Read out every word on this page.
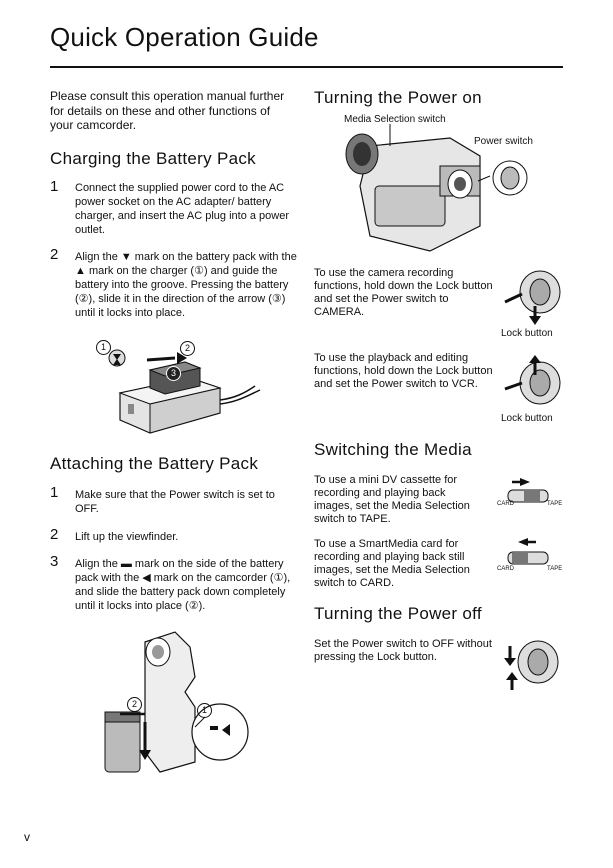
Quick Operation Guide
Please consult this operation manual further for details on these and other functions of your camcorder.
Charging the Battery Pack
1 Connect the supplied power cord to the AC power socket on the AC adapter/ battery charger, and insert the AC plug into a power outlet.
2 Align the ▼ mark on the battery pack with the ▲ mark on the charger (①) and guide the battery into the groove. Pressing the battery (②), slide it in the direction of the arrow (③) until it locks into place.
1	2
3
Attaching the Battery Pack
1 Make sure that the Power switch is set to OFF.
2 Lift up the viewfinder.
3 Align the ▬ mark on the side of the battery pack with the ◀ mark on the camcorder (①), and slide the battery pack down completely until it locks into place (②).
2
1
v
Turning the Power on
Media Selection switch
Power switch
To use the camera recording functions, hold down the Lock button and set the Power switch to CAMERA.
Lock button
To use the playback and editing functions, hold down the Lock button and set the Power switch to VCR.
Lock button
Switching the Media
To use a mini DV cassette for recording and playing back images, set the Media Selection switch to TAPE.
CARD	TAPE
To use a SmartMedia card for recording and playing back still images, set the Media Selection switch to CARD.
CARD	TAPE
Turning the Power off
Set the Power switch to OFF without pressing the Lock button.
